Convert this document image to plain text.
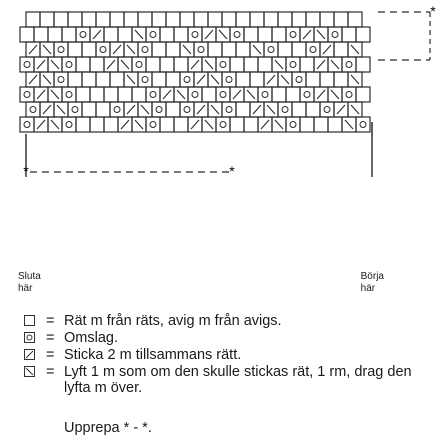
*	*
*
Sluta
här
Börja
här
= Rät m från räts, avig m från avigs.
= Omslag.
= Sticka 2 m tillsammans rätt.
= Lyft 1 m som om den skulle stickas rät, 1 rm, drag den lyfta m över.
Upprepa * - *.
